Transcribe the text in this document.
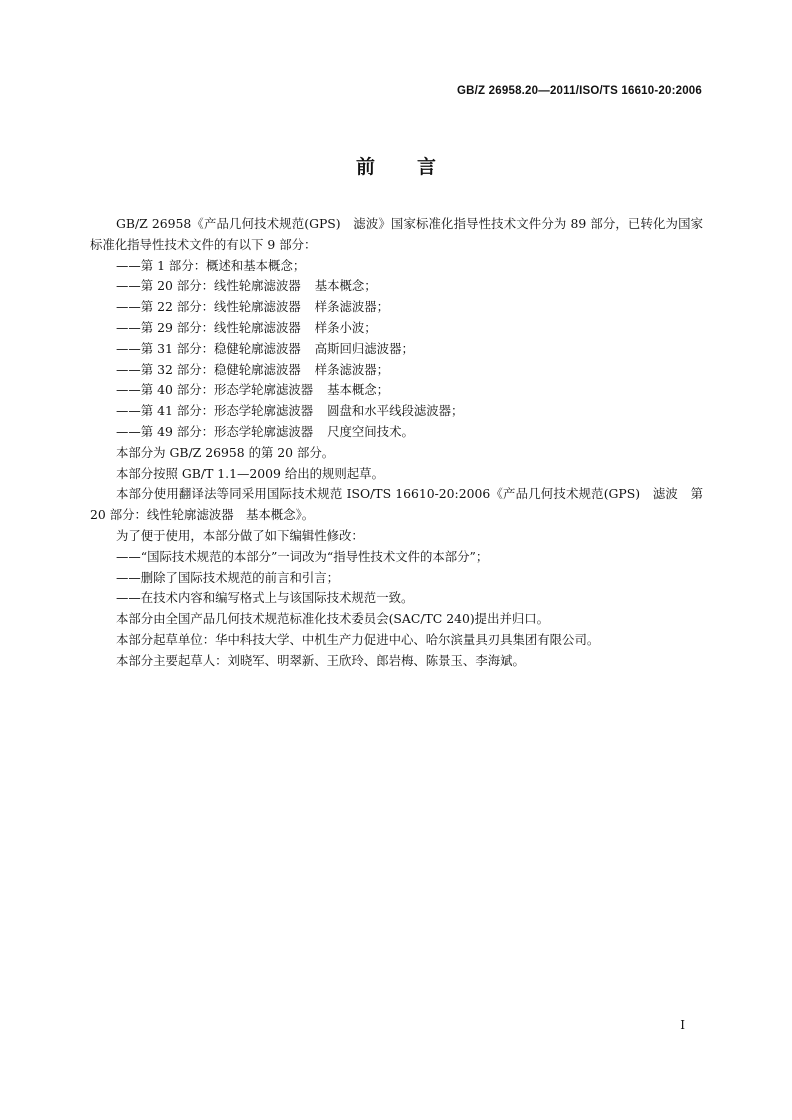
GB/Z 26958.20—2011/ISO/TS 16610-20:2006
前 言

GB/Z 26958《产品几何技术规范(GPS)　滤波》国家标准化指导性技术文件分为 89 部分，已转化为国家标准化指导性技术文件的有以下 9 部分：

——第 1 部分：概述和基本概念；

——第 20 部分：线性轮廓滤波器 基本概念；

——第 22 部分：线性轮廓滤波器 样条滤波器；

——第 29 部分：线性轮廓滤波器 样条小波；

——第 31 部分：稳健轮廓滤波器 高斯回归滤波器；

——第 32 部分：稳健轮廓滤波器 样条滤波器；

——第 40 部分：形态学轮廓滤波器 基本概念；

——第 41 部分：形态学轮廓滤波器 圆盘和水平线段滤波器；

——第 49 部分：形态学轮廓滤波器 尺度空间技术。

本部分为 GB/Z 26958 的第 20 部分。

本部分按照 GB/T 1.1—2009 给出的规则起草。

本部分使用翻译法等同采用国际技术规范 ISO/TS 16610-20:2006《产品几何技术规范(GPS)　滤波　第 20 部分：线性轮廓滤波器　基本概念》。

为了便于使用，本部分做了如下编辑性修改：

——“国际技术规范的本部分”一词改为“指导性技术文件的本部分”；

——删除了国际技术规范的前言和引言；

——在技术内容和编写格式上与该国际技术规范一致。

本部分由全国产品几何技术规范标准化技术委员会(SAC/TC 240)提出并归口。

本部分起草单位：华中科技大学、中机生产力促进中心、哈尔滨量具刃具集团有限公司。

本部分主要起草人：刘晓军、明翠新、王欣玲、郎岩梅、陈景玉、李海斌。

I
